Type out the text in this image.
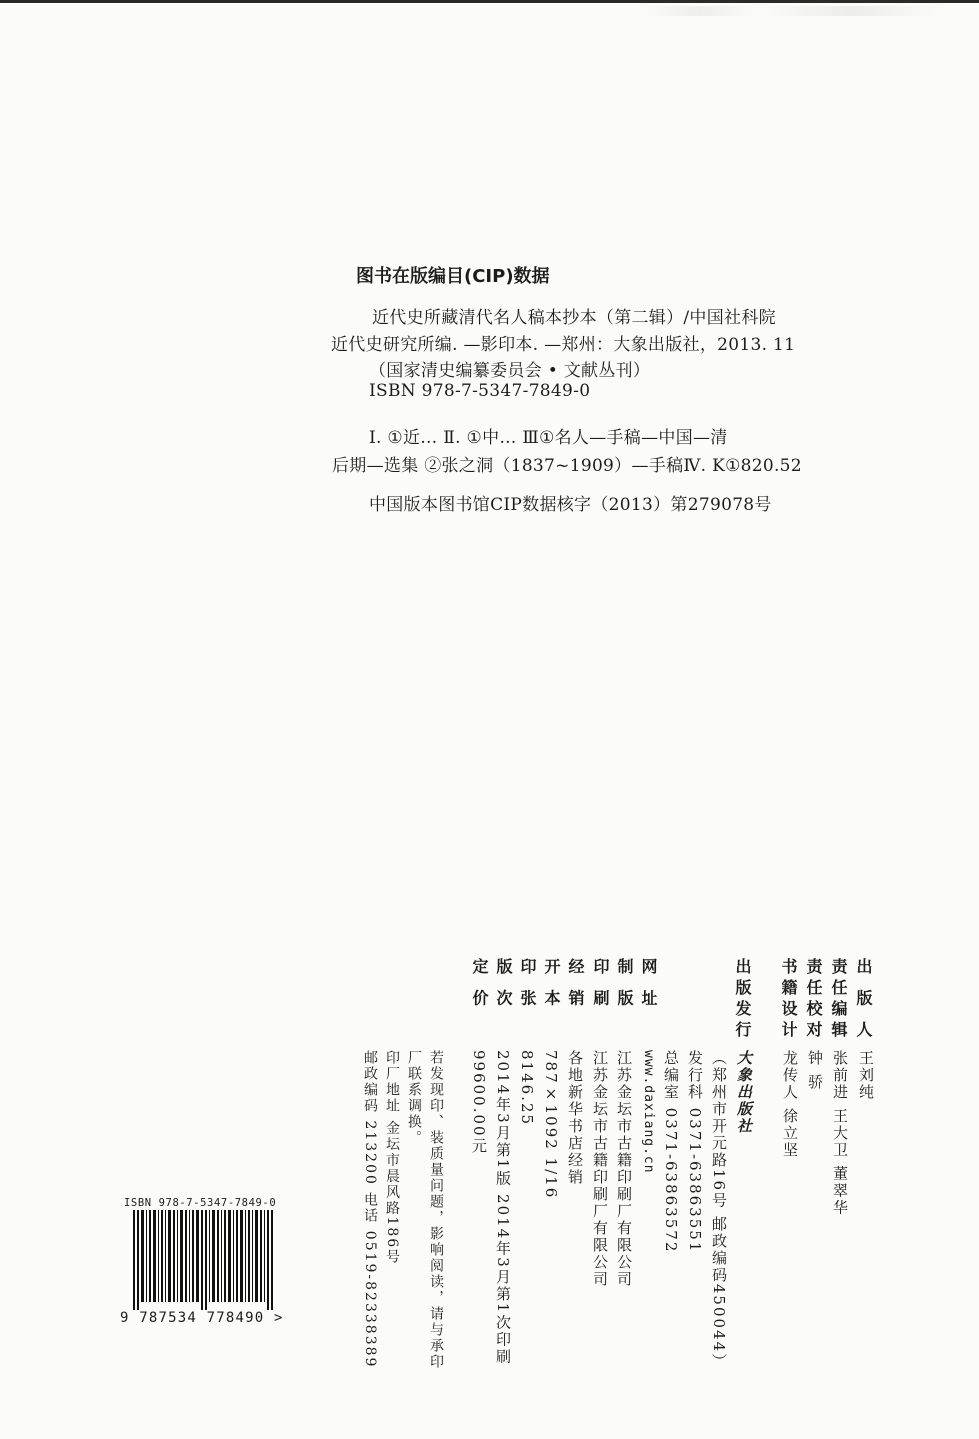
图书在版编目(CIP)数据
近代史所藏清代名人稿本抄本（第二辑）/中国社科院
近代史研究所编. —影印本. —郑州：大象出版社，2013. 11
（国家清史编纂委员会 • 文献丛刊）
ISBN 978-7-5347-7849-0
Ⅰ. ①近… Ⅱ. ①中… Ⅲ①名人—手稿—中国—清
后期—选集 ②张之洞（1837~1909）—手稿Ⅳ. K①820.52
中国版本图书馆CIP数据核字（2013）第279078号
出 版 人
王刘纯
责任编辑
张前进 王大卫 董翠华
责任校对
钟 骄
书籍设计
龙传人 徐立坚
出版发行
大象出版社
（郑州市开元路16号 邮政编码450044）
发行科 0371-63863551
总编室 0371-63863572
网 址
www.daxiang.cn
制 版
江苏金坛市古籍印刷厂有限公司
印 刷
江苏金坛市古籍印刷厂有限公司
经 销
各地新华书店经销
开 本
787×1092 1/16
印 张
8146.25
版 次
2014年3月第1版 2014年3月第1次印刷
定 价
99600.00元
若发现印、装质量问题，影响阅读，请与承印
厂联系调换。
印厂地址 金坛市晨风路186号
邮政编码 213200 电话 0519-82338389
ISBN 978-7-5347-7849-0
9 787534 778490 >
